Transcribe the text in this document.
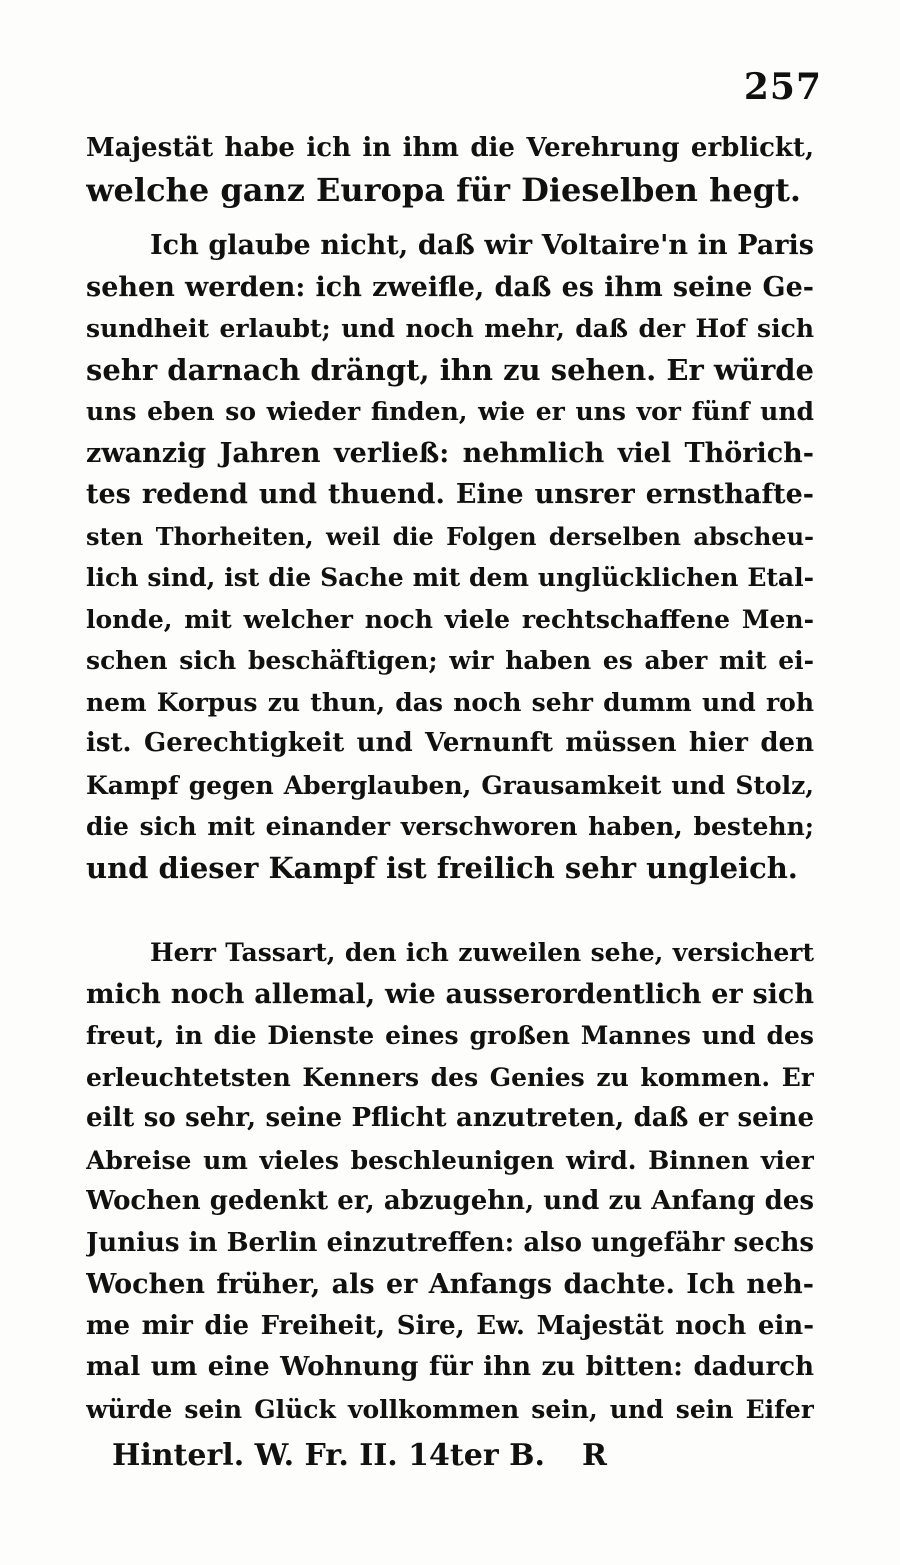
257
Majestät habe ich in ihm die Verehrung erblickt,
welche ganz Europa für Dieselben hegt.
Ich glaube nicht, daß wir Voltaire'n in Paris
sehen werden: ich zweifle, daß es ihm seine Ge-
sundheit erlaubt; und noch mehr, daß der Hof sich
sehr darnach drängt, ihn zu sehen. Er würde
uns eben so wieder finden, wie er uns vor fünf und
zwanzig Jahren verließ: nehmlich viel Thörich-
tes redend und thuend. Eine unsrer ernsthafte-
sten Thorheiten, weil die Folgen derselben abscheu-
lich sind, ist die Sache mit dem unglücklichen Etal-
londe, mit welcher noch viele rechtschaffene Men-
schen sich beschäftigen; wir haben es aber mit ei-
nem Korpus zu thun, das noch sehr dumm und roh
ist. Gerechtigkeit und Vernunft müssen hier den
Kampf gegen Aberglauben, Grausamkeit und Stolz,
die sich mit einander verschworen haben, bestehn;
und dieser Kampf ist freilich sehr ungleich.
Herr Tassart, den ich zuweilen sehe, versichert
mich noch allemal, wie ausserordentlich er sich
freut, in die Dienste eines großen Mannes und des
erleuchtetsten Kenners des Genies zu kommen. Er
eilt so sehr, seine Pflicht anzutreten, daß er seine
Abreise um vieles beschleunigen wird. Binnen vier
Wochen gedenkt er, abzugehn, und zu Anfang des
Junius in Berlin einzutreffen: also ungefähr sechs
Wochen früher, als er Anfangs dachte. Ich neh-
me mir die Freiheit, Sire, Ew. Majestät noch ein-
mal um eine Wohnung für ihn zu bitten: dadurch
würde sein Glück vollkommen sein, und sein Eifer
Hinterl. W. Fr. II. 14ter B. R
